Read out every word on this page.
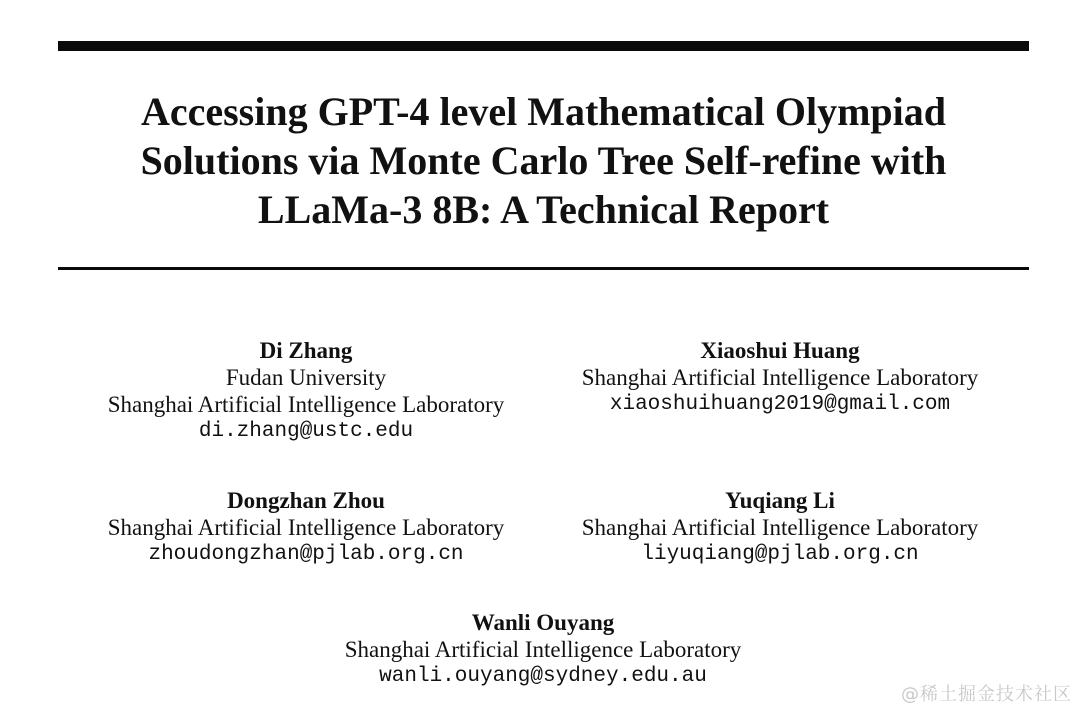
Accessing GPT-4 level Mathematical Olympiad
Solutions via Monte Carlo Tree Self-refine with
LLaMa-3 8B: A Technical Report
Di Zhang
Fudan University
Shanghai Artificial Intelligence Laboratory
di.zhang@ustc.edu
Xiaoshui Huang
Shanghai Artificial Intelligence Laboratory
xiaoshuihuang2019@gmail.com
Dongzhan Zhou
Shanghai Artificial Intelligence Laboratory
zhoudongzhan@pjlab.org.cn
Yuqiang Li
Shanghai Artificial Intelligence Laboratory
liyuqiang@pjlab.org.cn
Wanli Ouyang
Shanghai Artificial Intelligence Laboratory
wanli.ouyang@sydney.edu.au
@稀土掘金技术社区
